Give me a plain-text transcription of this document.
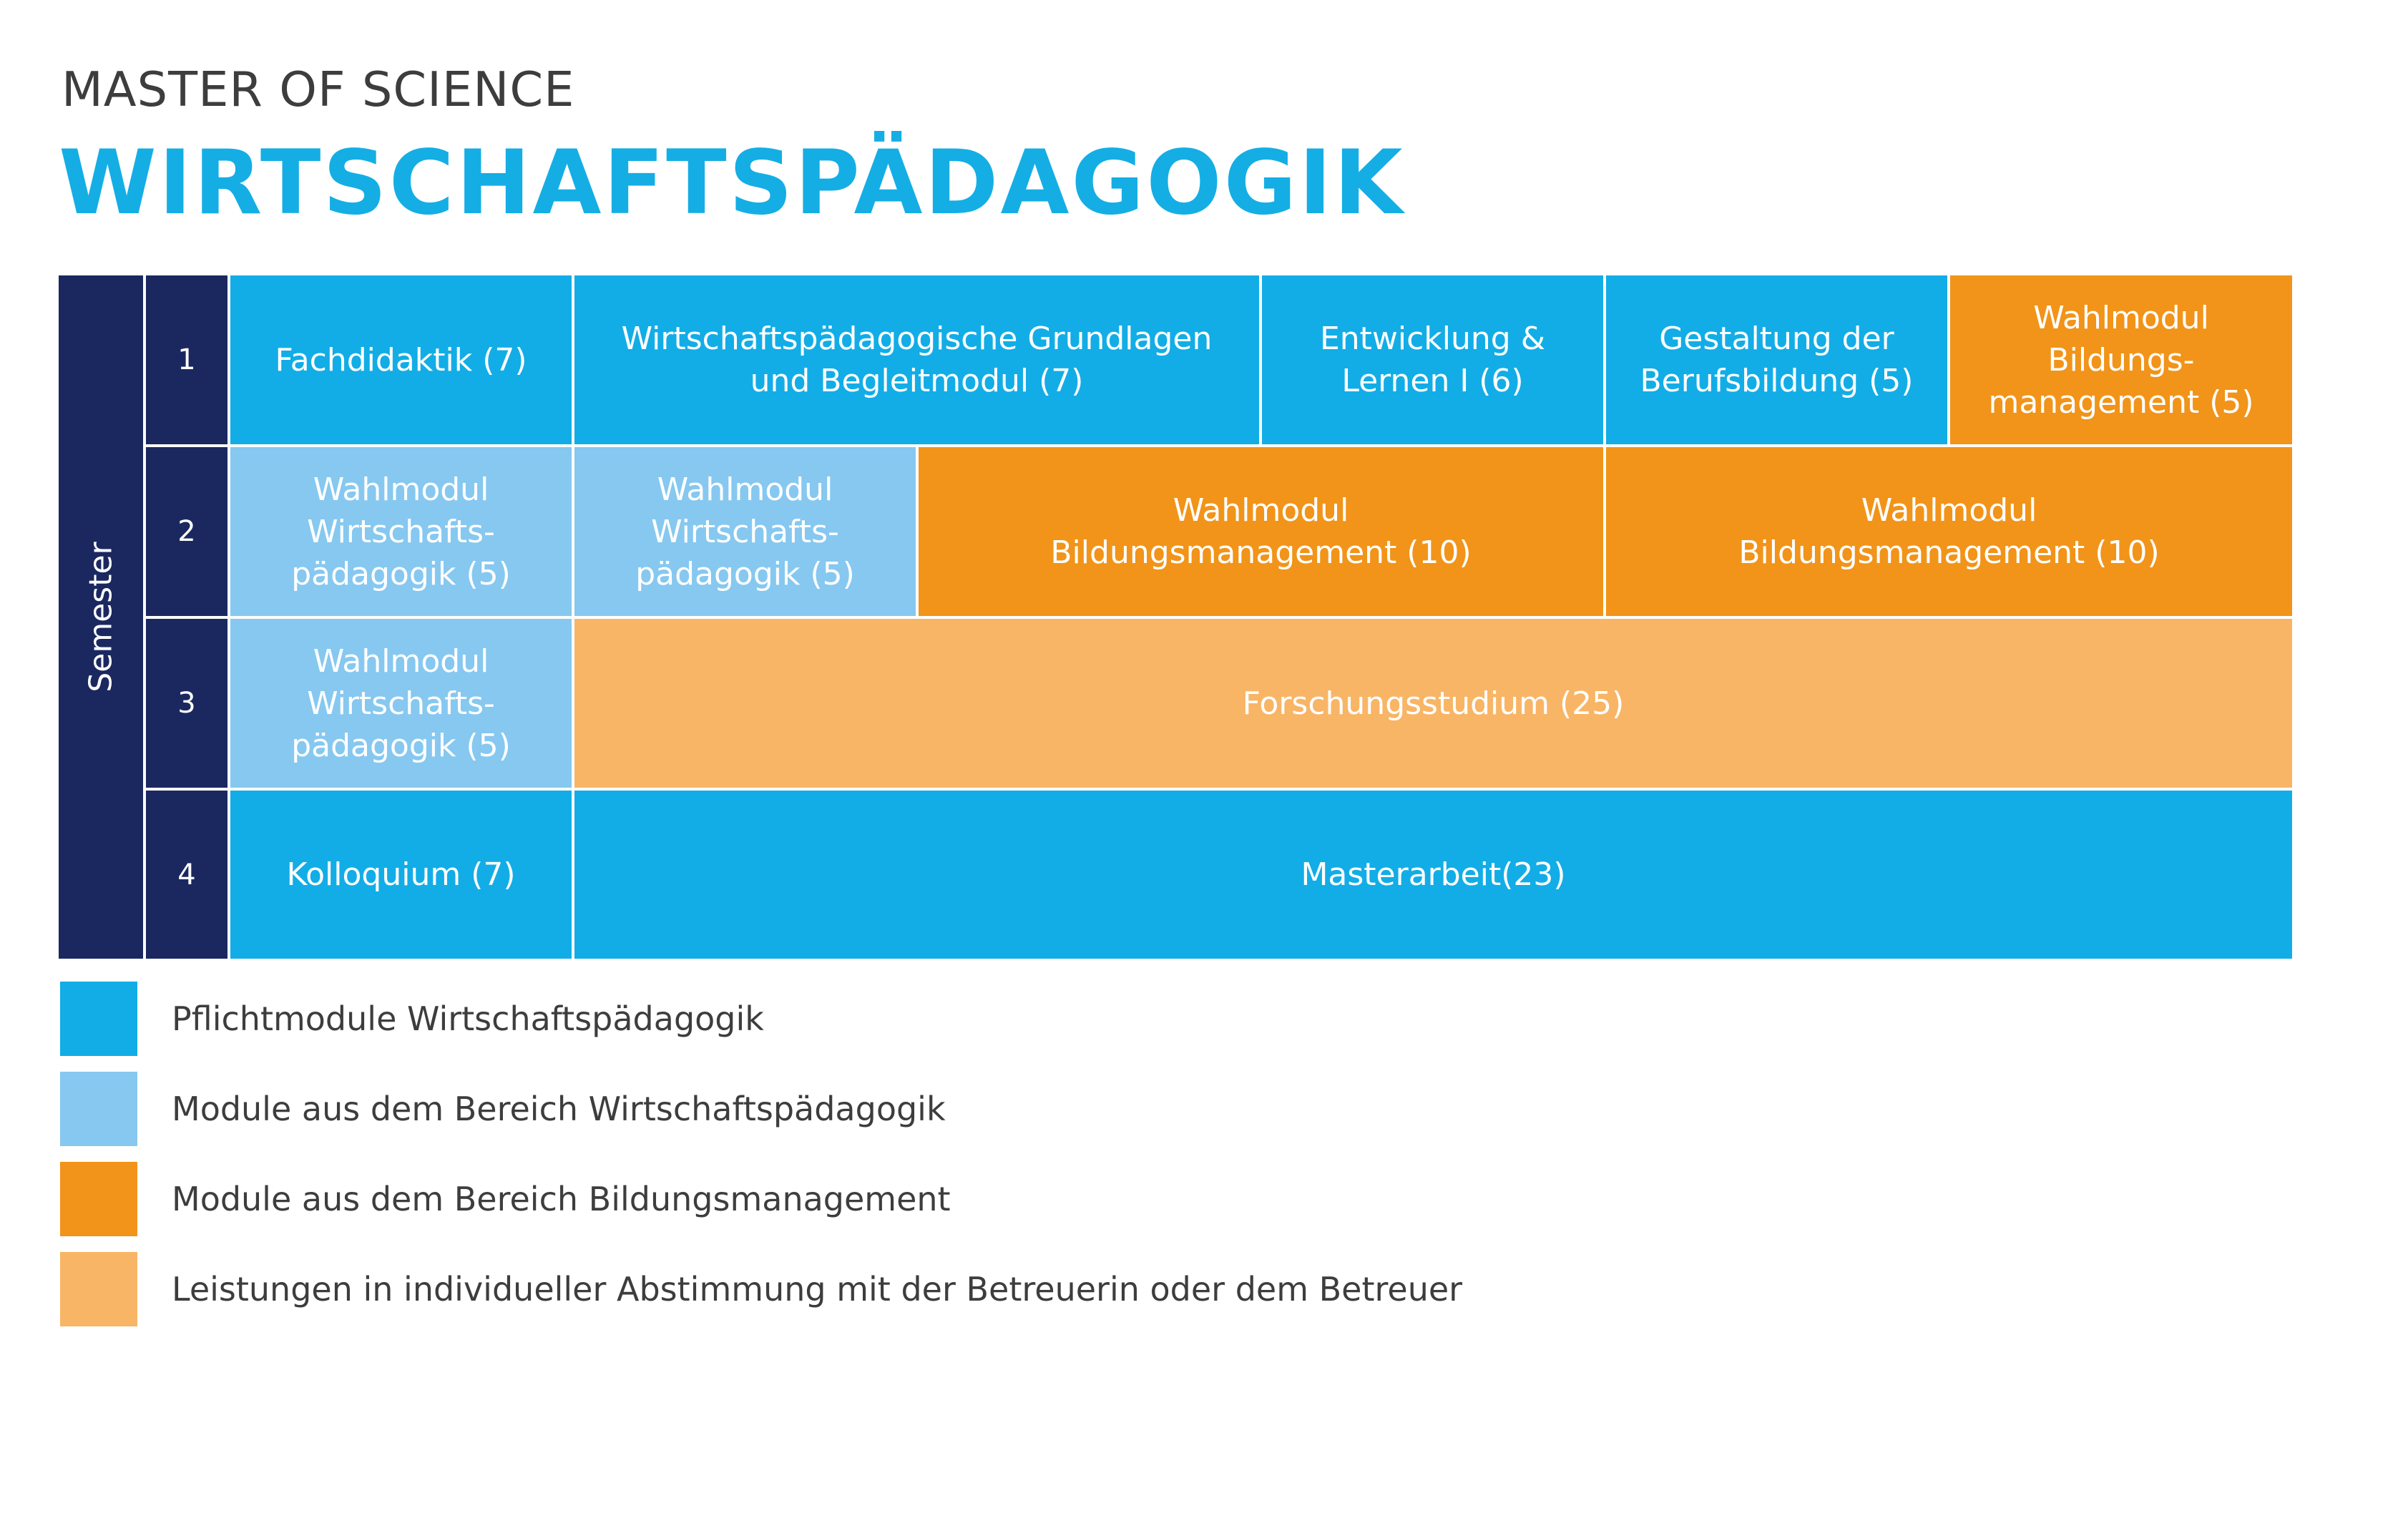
MASTER OF SCIENCE
WIRTSCHAFTSPÄDAGOGIK
Semester
1
2
3
4
Fachdidaktik (7)
Wirtschaftspädagogische Grundlagen
und Begleitmodul (7)
Entwicklung &
Lernen I (6)
Gestaltung der
Berufsbildung (5)
Wahlmodul
Bildungs-
management (5)
Wahlmodul
Wirtschafts-
pädagogik (5)
Wahlmodul
Wirtschafts-
pädagogik (5)
Wahlmodul
Bildungsmanagement (10)
Wahlmodul
Bildungsmanagement (10)
Wahlmodul
Wirtschafts-
pädagogik (5)
Forschungsstudium (25)
Kolloquium (7)	Masterarbeit(23)
Pflichtmodule Wirtschaftspädagogik
Module aus dem Bereich Wirtschaftspädagogik
Module aus dem Bereich Bildungsmanagement
Leistungen in individueller Abstimmung mit der Betreuerin oder dem Betreuer
